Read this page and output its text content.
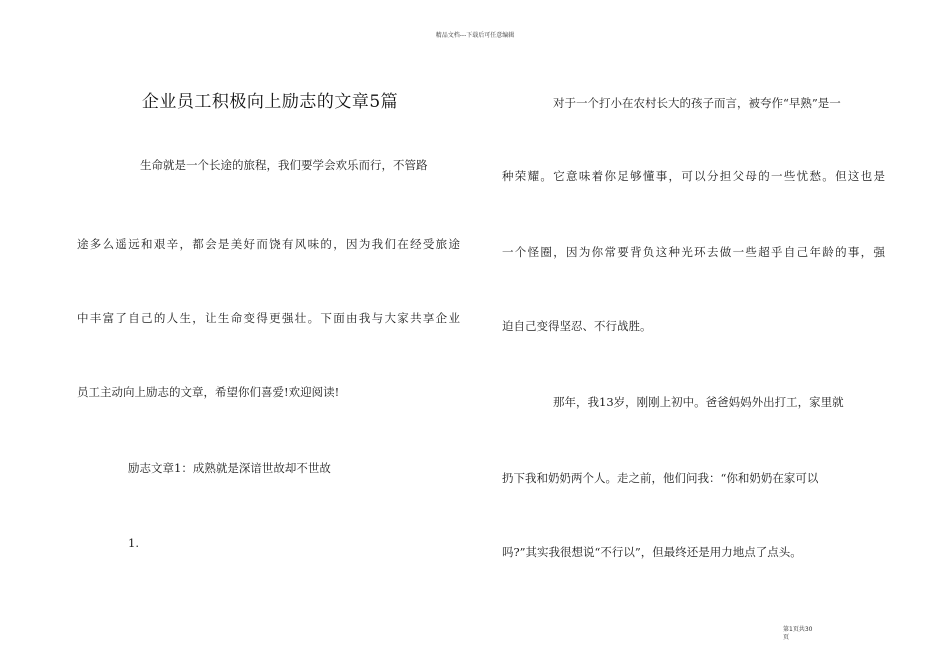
精品文档---下载后可任意编辑
企业员工积极向上励志的文章5篇
生命就是一个长途的旅程，我们要学会欢乐而行，不管路
途多么遥远和艰辛，都会是美好而饶有风味的，因为我们在经受旅途
中丰富了自己的人生，让生命变得更强壮。下面由我与大家共享企业
员工主动向上励志的文章，希望你们喜爱!欢迎阅读!
励志文章1：成熟就是深谙世故却不世故
1.
对于一个打小在农村长大的孩子而言，被夸作“早熟”是一
种荣耀。它意味着你足够懂事，可以分担父母的一些忧愁。但这也是
一个怪圈，因为你常要背负这种光环去做一些超乎自己年龄的事，强
迫自己变得坚忍、不行战胜。
那年，我13岁，刚刚上初中。爸爸妈妈外出打工，家里就
扔下我和奶奶两个人。走之前，他们问我：“你和奶奶在家可以
吗?”其实我很想说“不行以”，但最终还是用力地点了点头。
第1页共30
页
